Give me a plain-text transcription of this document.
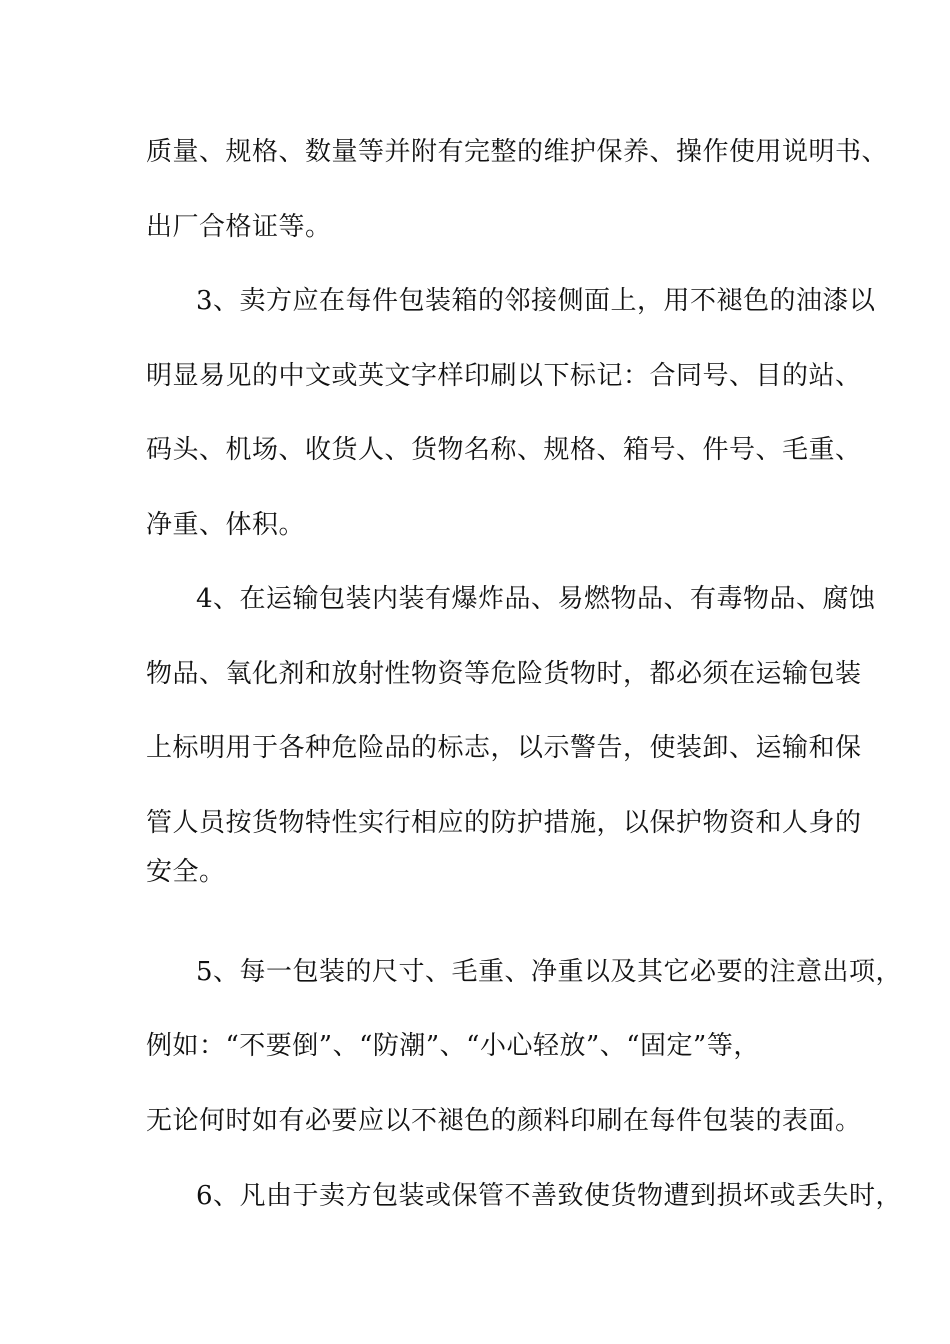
质量、规格、数量等并附有完整的维护保养、操作使用说明书、
出厂合格证等。
3、卖方应在每件包装箱的邻接侧面上，用不褪色的油漆以
明显易见的中文或英文字样印刷以下标记：合同号、目的站、
码头、机场、收货人、货物名称、规格、箱号、件号、毛重、
净重、体积。
4、在运输包装内装有爆炸品、易燃物品、有毒物品、腐蚀
物品、氧化剂和放射性物资等危险货物时，都必须在运输包装
上标明用于各种危险品的标志，以示警告，使装卸、运输和保
管人员按货物特性实行相应的防护措施，以保护物资和人身的
安全。
5、每一包装的尺寸、毛重、净重以及其它必要的注意出项，
例如：“不要倒”、“防潮”、“小心轻放”、“固定”等，
无论何时如有必要应以不褪色的颜料印刷在每件包装的表面。
6、凡由于卖方包装或保管不善致使货物遭到损坏或丢失时，
